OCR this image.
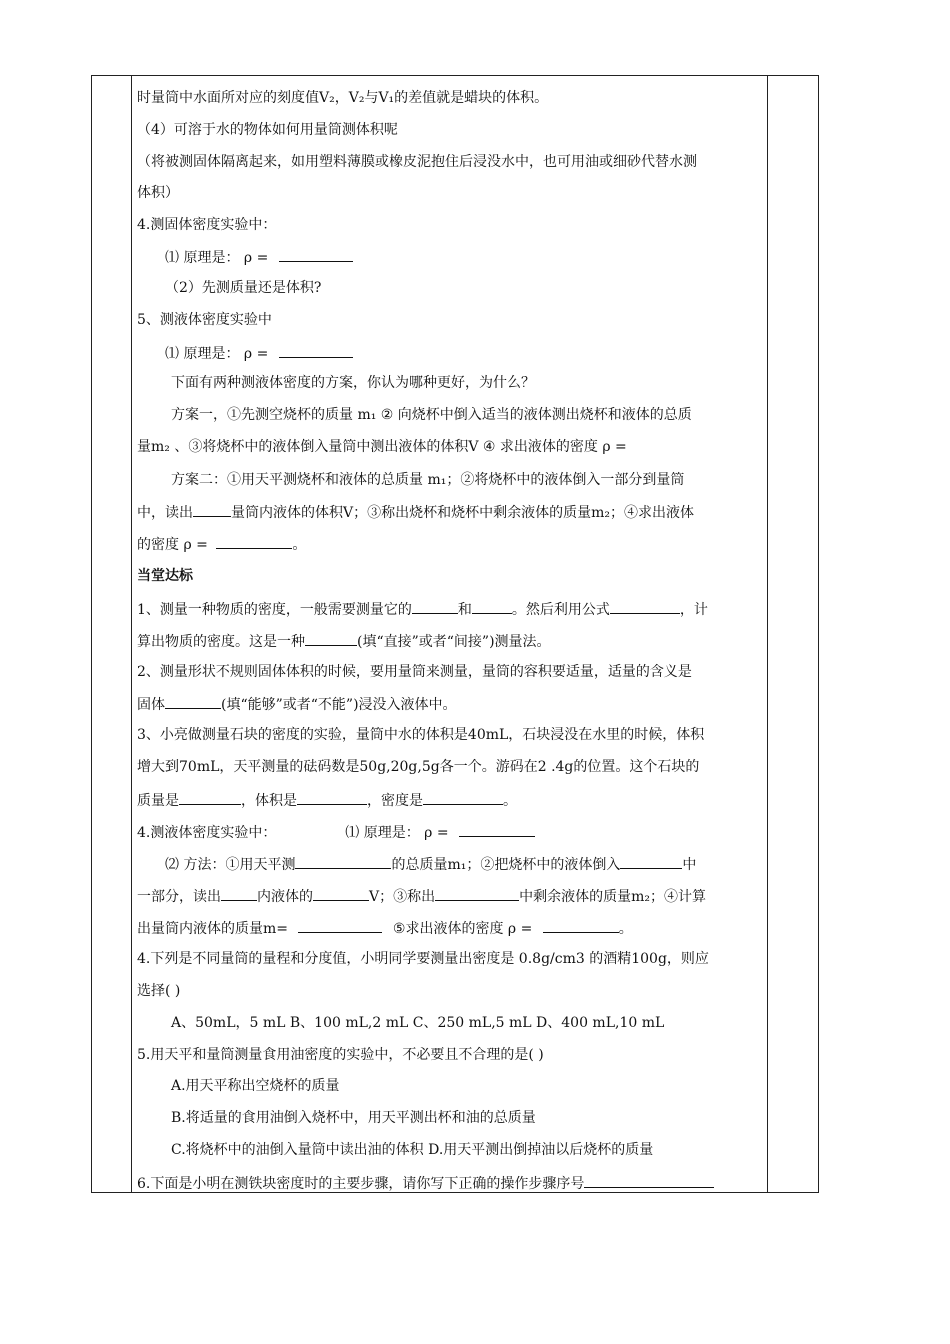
时量筒中水面所对应的刻度值V₂，V₂与V₁的差值就是蜡块的体积。
（4）可溶于水的物体如何用量筒测体积呢
（将被测固体隔离起来，如用塑料薄膜或橡皮泥抱住后浸没水中，也可用油或细砂代替水测
体积）
4.测固体密度实验中：
⑴ 原理是： ρ =
（2）先测质量还是体积?
5、测液体密度实验中
⑴ 原理是： ρ =
下面有两种测液体密度的方案，你认为哪种更好，为什么？
方案一，①先测空烧杯的质量 m₁ ② 向烧杯中倒入适当的液体测出烧杯和液体的总质
量m₂ 、③将烧杯中的液体倒入量筒中测出液体的体积V ④ 求出液体的密度 ρ =
方案二：①用天平测烧杯和液体的总质量 m₁；②将烧杯中的液体倒入一部分到量筒
中，读出	量筒内液体的体积V；③称出烧杯和烧杯中剩余液体的质量m₂；④求出液体
的密度 ρ =	。
当堂达标
1、测量一种物质的密度，一般需要测量它的	和	。然后利用公式	，计
算出物质的密度。这是一种	(填“直接”或者“间接”)测量法。
2、测量形状不规则固体体积的时候，要用量筒来测量，量筒的容积要适量，适量的含义是
固体	(填“能够”或者“不能”)浸没入液体中。
3、小亮做测量石块的密度的实验，量筒中水的体积是40mL，石块浸没在水里的时候，体积
增大到70mL，天平测量的砝码数是50g,20g,5g各一个。游码在2 .4g的位置。这个石块的
质量是	，体积是	，密度是	。
4.测液体密度实验中：	⑴ 原理是： ρ =
⑵ 方法：①用天平测	的总质量m₁；②把烧杯中的液体倒入	中
一部分，读出	内液体的	V；③称出	中剩余液体的质量m₂；④计算
出量筒内液体的质量m=	⑤求出液体的密度 ρ =	。
4.下列是不同量筒的量程和分度值，小明同学要测量出密度是 0.8g/cm3 的酒精100g，则应
选择( )
A、50mL，5 mL B、100 mL,2 mL C、250 mL,5 mL D、400 mL,10 mL
5.用天平和量筒测量食用油密度的实验中，不必要且不合理的是( )
A.用天平称出空烧杯的质量
B.将适量的食用油倒入烧杯中，用天平测出杯和油的总质量
C.将烧杯中的油倒入量筒中读出油的体积 D.用天平测出倒掉油以后烧杯的质量
6.下面是小明在测铁块密度时的主要步骤，请你写下正确的操作步骤序号
